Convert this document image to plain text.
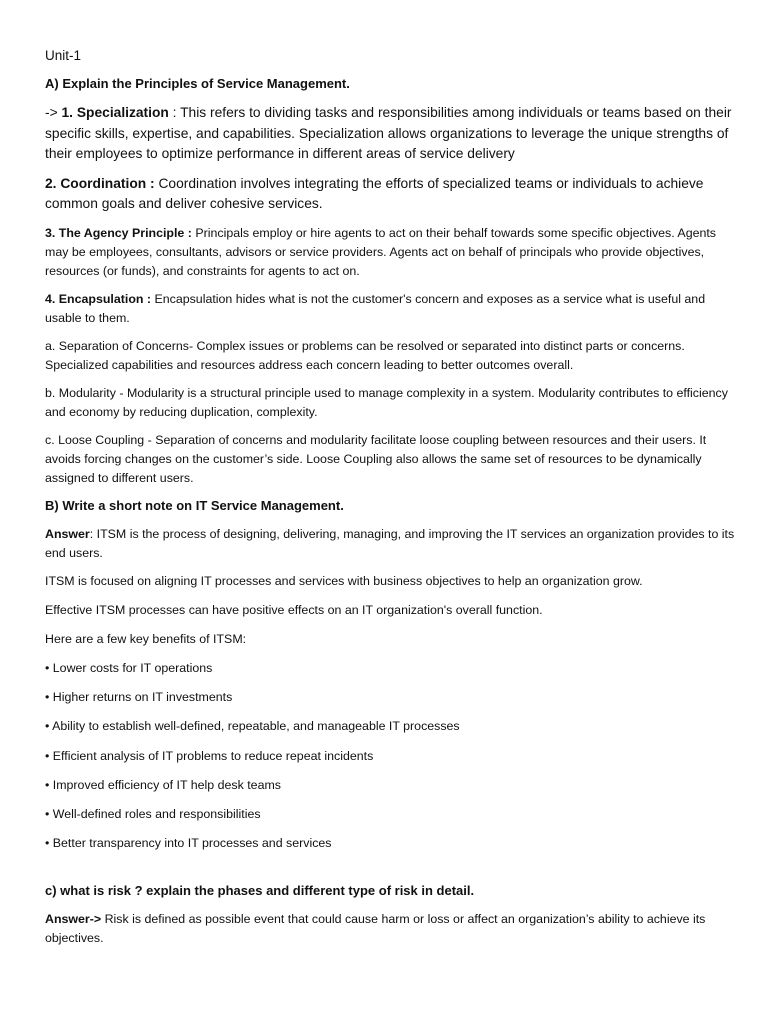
Unit-1

A) Explain the Principles of Service Management.

-> 1. Specialization : This refers to dividing tasks and responsibilities among individuals or teams based on their specific skills, expertise, and capabilities. Specialization allows organizations to leverage the unique strengths of their employees to optimize performance in different areas of service delivery

2. Coordination : Coordination involves integrating the efforts of specialized teams or individuals to achieve common goals and deliver cohesive services.

3. The Agency Principle : Principals employ or hire agents to act on their behalf towards some specific objectives. Agents may be employees, consultants, advisors or service providers. Agents act on behalf of principals who provide objectives, resources (or funds), and constraints for agents to act on.

4. Encapsulation : Encapsulation hides what is not the customer's concern and exposes as a service what is useful and usable to them.

a. Separation of Concerns- Complex issues or problems can be resolved or separated into distinct parts or concerns. Specialized capabilities and resources address each concern leading to better outcomes overall.

b. Modularity - Modularity is a structural principle used to manage complexity in a system. Modularity contributes to efficiency and economy by reducing duplication, complexity.

c. Loose Coupling - Separation of concerns and modularity facilitate loose coupling between resources and their users. It avoids forcing changes on the customer’s side. Loose Coupling also allows the same set of resources to be dynamically assigned to different users.

B) Write a short note on IT Service Management.

Answer: ITSM is the process of designing, delivering, managing, and improving the IT services an organization provides to its end users.

ITSM is focused on aligning IT processes and services with business objectives to help an organization grow.

Effective ITSM processes can have positive effects on an IT organization's overall function.

Here are a few key benefits of ITSM:

• Lower costs for IT operations

• Higher returns on IT investments

• Ability to establish well-defined, repeatable, and manageable IT processes

• Efficient analysis of IT problems to reduce repeat incidents

• Improved efficiency of IT help desk teams

• Well-defined roles and responsibilities

• Better transparency into IT processes and services

c) what is risk ? explain the phases and different type of risk in detail.

Answer-> Risk is defined as possible event that could cause harm or loss or affect an organization’s ability to achieve its objectives.
